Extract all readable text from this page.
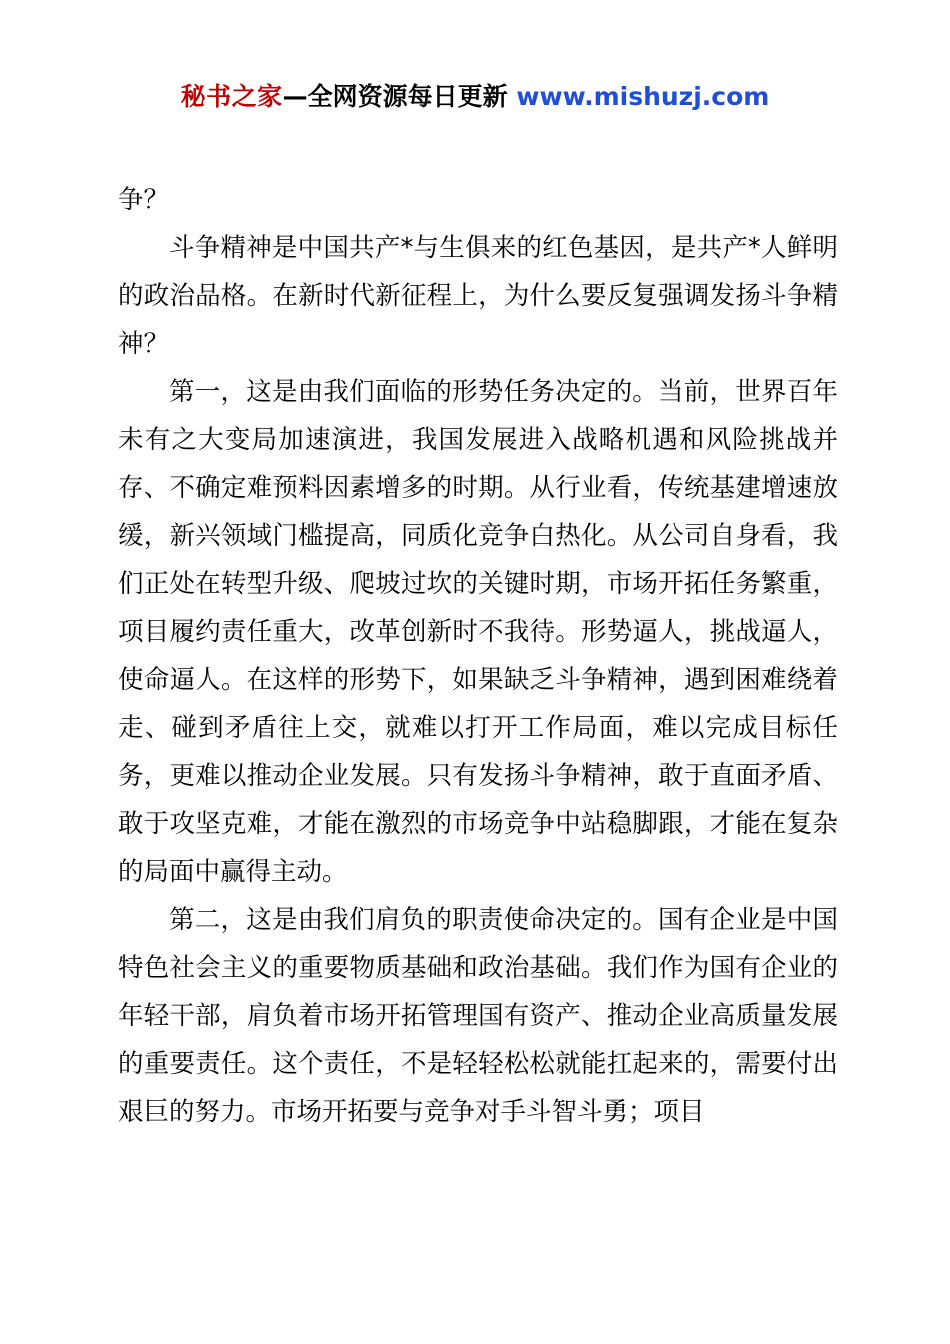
秘书之家—全网资源每日更新 www.mishuzj.com

争？

斗争精神是中国共产*与生俱来的红色基因，是共产*人鲜明的政治品格。在新时代新征程上，为什么要反复强调发扬斗争精神？

第一，这是由我们面临的形势任务决定的。当前，世界百年未有之大变局加速演进，我国发展进入战略机遇和风险挑战并存、不确定难预料因素增多的时期。从行业看，传统基建增速放缓，新兴领域门槛提高，同质化竞争白热化。从公司自身看，我们正处在转型升级、爬坡过坎的关键时期，市场开拓任务繁重，项目履约责任重大，改革创新时不我待。形势逼人，挑战逼人，使命逼人。在这样的形势下，如果缺乏斗争精神，遇到困难绕着走、碰到矛盾往上交，就难以打开工作局面，难以完成目标任务，更难以推动企业发展。只有发扬斗争精神，敢于直面矛盾、敢于攻坚克难，才能在激烈的市场竞争中站稳脚跟，才能在复杂的局面中赢得主动。

第二，这是由我们肩负的职责使命决定的。国有企业是中国特色社会主义的重要物质基础和政治基础。我们作为国有企业的年轻干部，肩负着市场开拓管理国有资产、推动企业高质量发展的重要责任。这个责任，不是轻轻松松就能扛起来的，需要付出艰巨的努力。市场开拓要与竞争对手斗智斗勇；项目
